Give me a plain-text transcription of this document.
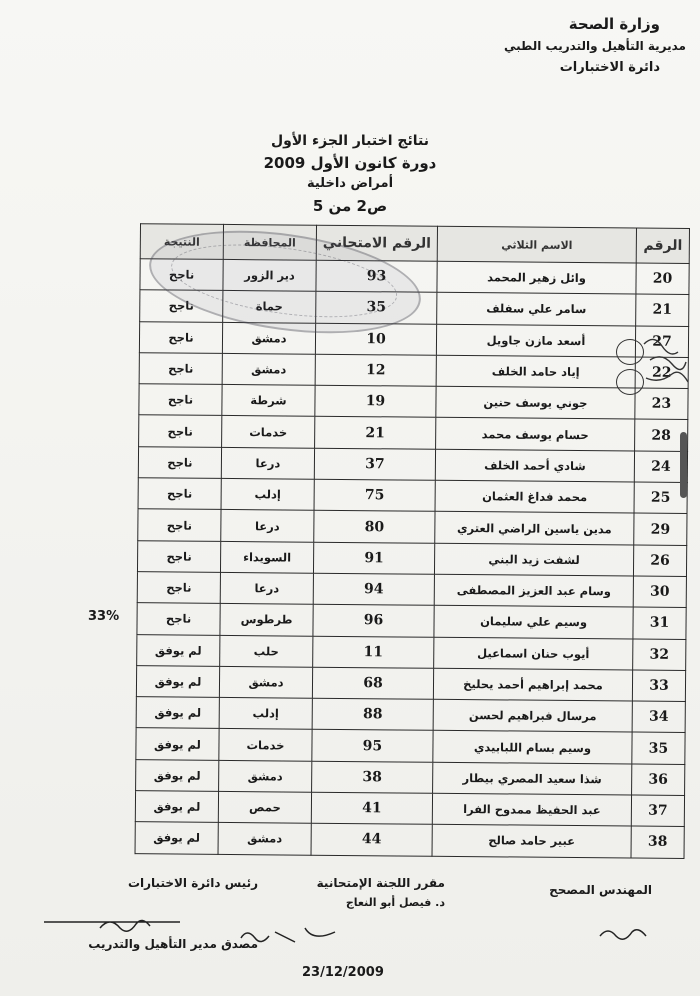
وزارة الصحة
مديرية التأهيل والتدريب الطبي
دائرة الاختبارات
نتائج اختبار الجزء الأول
دورة كانون الأول 2009
أمراض داخلية
ص2 من 5
الرقم	الاسم الثلاثي	الرقم الامتحاني	المحافظة	النتيجة
20	وائل زهير المحمد	93	دير الزور	ناجح
21	سامر علي سفلف	35	حماة	ناجح
27	أسعد مازن جاويل	10	دمشق	ناجح
22	إياد حامد الخلف	12	دمشق	ناجح
23	جوني يوسف حنين	19	شرطة	ناجح
28	حسام يوسف محمد	21	خدمات	ناجح
24	شادي أحمد الخلف	37	درعا	ناجح
25	محمد فداغ العثمان	75	إدلب	ناجح
29	مدين ياسين الراضي العتري	80	درعا	ناجح
26	لشفت زيد البني	91	السويداء	ناجح
30	وسام عبد العزيز المصطفى	94	درعا	ناجح
31	وسيم علي سليمان	96	طرطوس	ناجح
32	أيوب حنان اسماعيل	11	حلب	لم يوفق
33	محمد إبراهيم أحمد يحليخ	68	دمشق	لم يوفق
34	مرسال فبراهيم لحسن	88	إدلب	لم يوفق
35	وسيم بسام اللبابيدي	95	خدمات	لم يوفق
36	شذا سعيد المصري بيطار	38	دمشق	لم يوفق
37	عبد الحفيظ ممدوح الفرا	41	حمص	لم يوفق
38	عبير حامد صالح	44	دمشق	لم يوفق
33%
المهندس المصحح
مقرر اللجنة الإمتحانية
د. فيصل أبو النعاج
رئيس دائرة الاختبارات
مصدق مدير التأهيل والتدريب
23/12/2009
